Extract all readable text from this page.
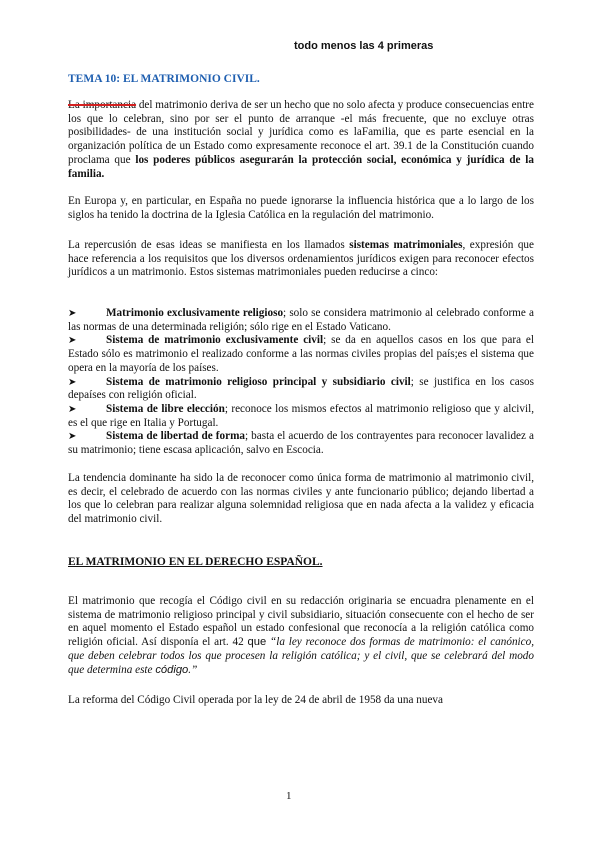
todo menos las 4 primeras
TEMA 10: EL MATRIMONIO CIVIL.

La importancia del matrimonio deriva de ser un hecho que no solo afecta y produce consecuencias entre los que lo celebran, sino por ser el punto de arranque -el más frecuente, que no excluye otras posibilidades- de una institución social y jurídica como es laFamilia, que es parte esencial en la organización política de un Estado como expresamente reconoce el art. 39.1 de la Constitución cuando proclama que los poderes públicos asegurarán la protección social, económica y jurídica de la familia.

En Europa y, en particular, en España no puede ignorarse la influencia histórica que a lo largo de los siglos ha tenido la doctrina de la Iglesia Católica en la regulación del matrimonio.

La repercusión de esas ideas se manifiesta en los llamados sistemas matrimoniales, expresión que hace referencia a los requisitos que los diversos ordenamientos jurídicos exigen para reconocer efectos jurídicos a un matrimonio. Estos sistemas matrimoniales pueden reducirse a cinco:

➤	Matrimonio exclusivamente religioso; solo se considera matrimonio al celebrado conforme a las normas de una determinada religión; sólo rige en el Estado Vaticano.
➤	Sistema de matrimonio exclusivamente civil; se da en aquellos casos en los que para el Estado sólo es matrimonio el realizado conforme a las normas civiles propias del país;es el sistema que opera en la mayoría de los países.
➤	Sistema de matrimonio religioso principal y subsidiario civil; se justifica en los casos depaíses con religión oficial.
➤	Sistema de libre elección; reconoce los mismos efectos al matrimonio religioso que y alcivil, es el que rige en Italia y Portugal.
➤	Sistema de libertad de forma; basta el acuerdo de los contrayentes para reconocer lavalidez a su matrimonio; tiene escasa aplicación, salvo en Escocia.

La tendencia dominante ha sido la de reconocer como única forma de matrimonio al matrimonio civil, es decir, el celebrado de acuerdo con las normas civiles y ante funcionario público; dejando libertad a los que lo celebran para realizar alguna solemnidad religiosa que en nada afecta a la validez y eficacia del matrimonio civil.

EL MATRIMONIO EN EL DERECHO ESPAÑOL.

El matrimonio que recogía el Código civil en su redacción originaria se encuadra plenamente en el sistema de matrimonio religioso principal y civil subsidiario, situación consecuente con el hecho de ser en aquel momento el Estado español un estado confesional que reconocía a la religión católica como religión oficial. Así disponía el art. 42 que “la ley reconoce dos formas de matrimonio: el canónico, que deben celebrar todos los que procesen la religión católica; y el civil, que se celebrará del modo que determina este código.”

La reforma del Código Civil operada por la ley de 24 de abril de 1958 da una nueva

1
